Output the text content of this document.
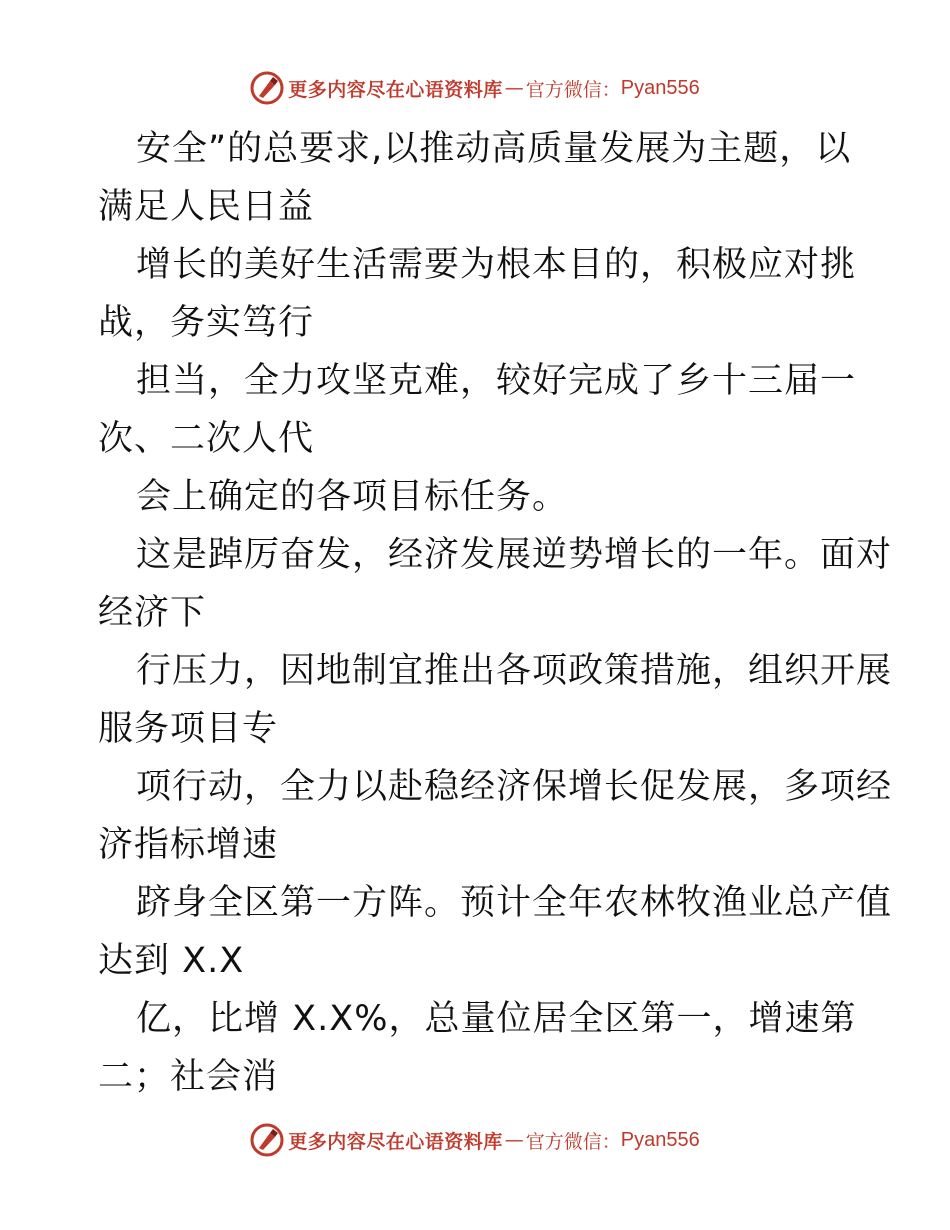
更多内容尽在心语资料库 — 官方微信： Pyan556
安全”的总要求,以推动高质量发展为主题，以
满足人民日益
增长的美好生活需要为根本目的，积极应对挑
战，务实笃行
担当，全力攻坚克难，较好完成了乡十三届一
次、二次人代
会上确定的各项目标任务。
这是踔厉奋发，经济发展逆势增长的一年。面对
经济下
行压力，因地制宜推出各项政策措施，组织开展
服务项目专
项行动，全力以赴稳经济保增长促发展，多项经
济指标增速
跻身全区第一方阵。预计全年农林牧渔业总产值
达到 X.X
亿，比增 X.X%，总量位居全区第一，增速第
二；社会消
更多内容尽在心语资料库 — 官方微信： Pyan556
